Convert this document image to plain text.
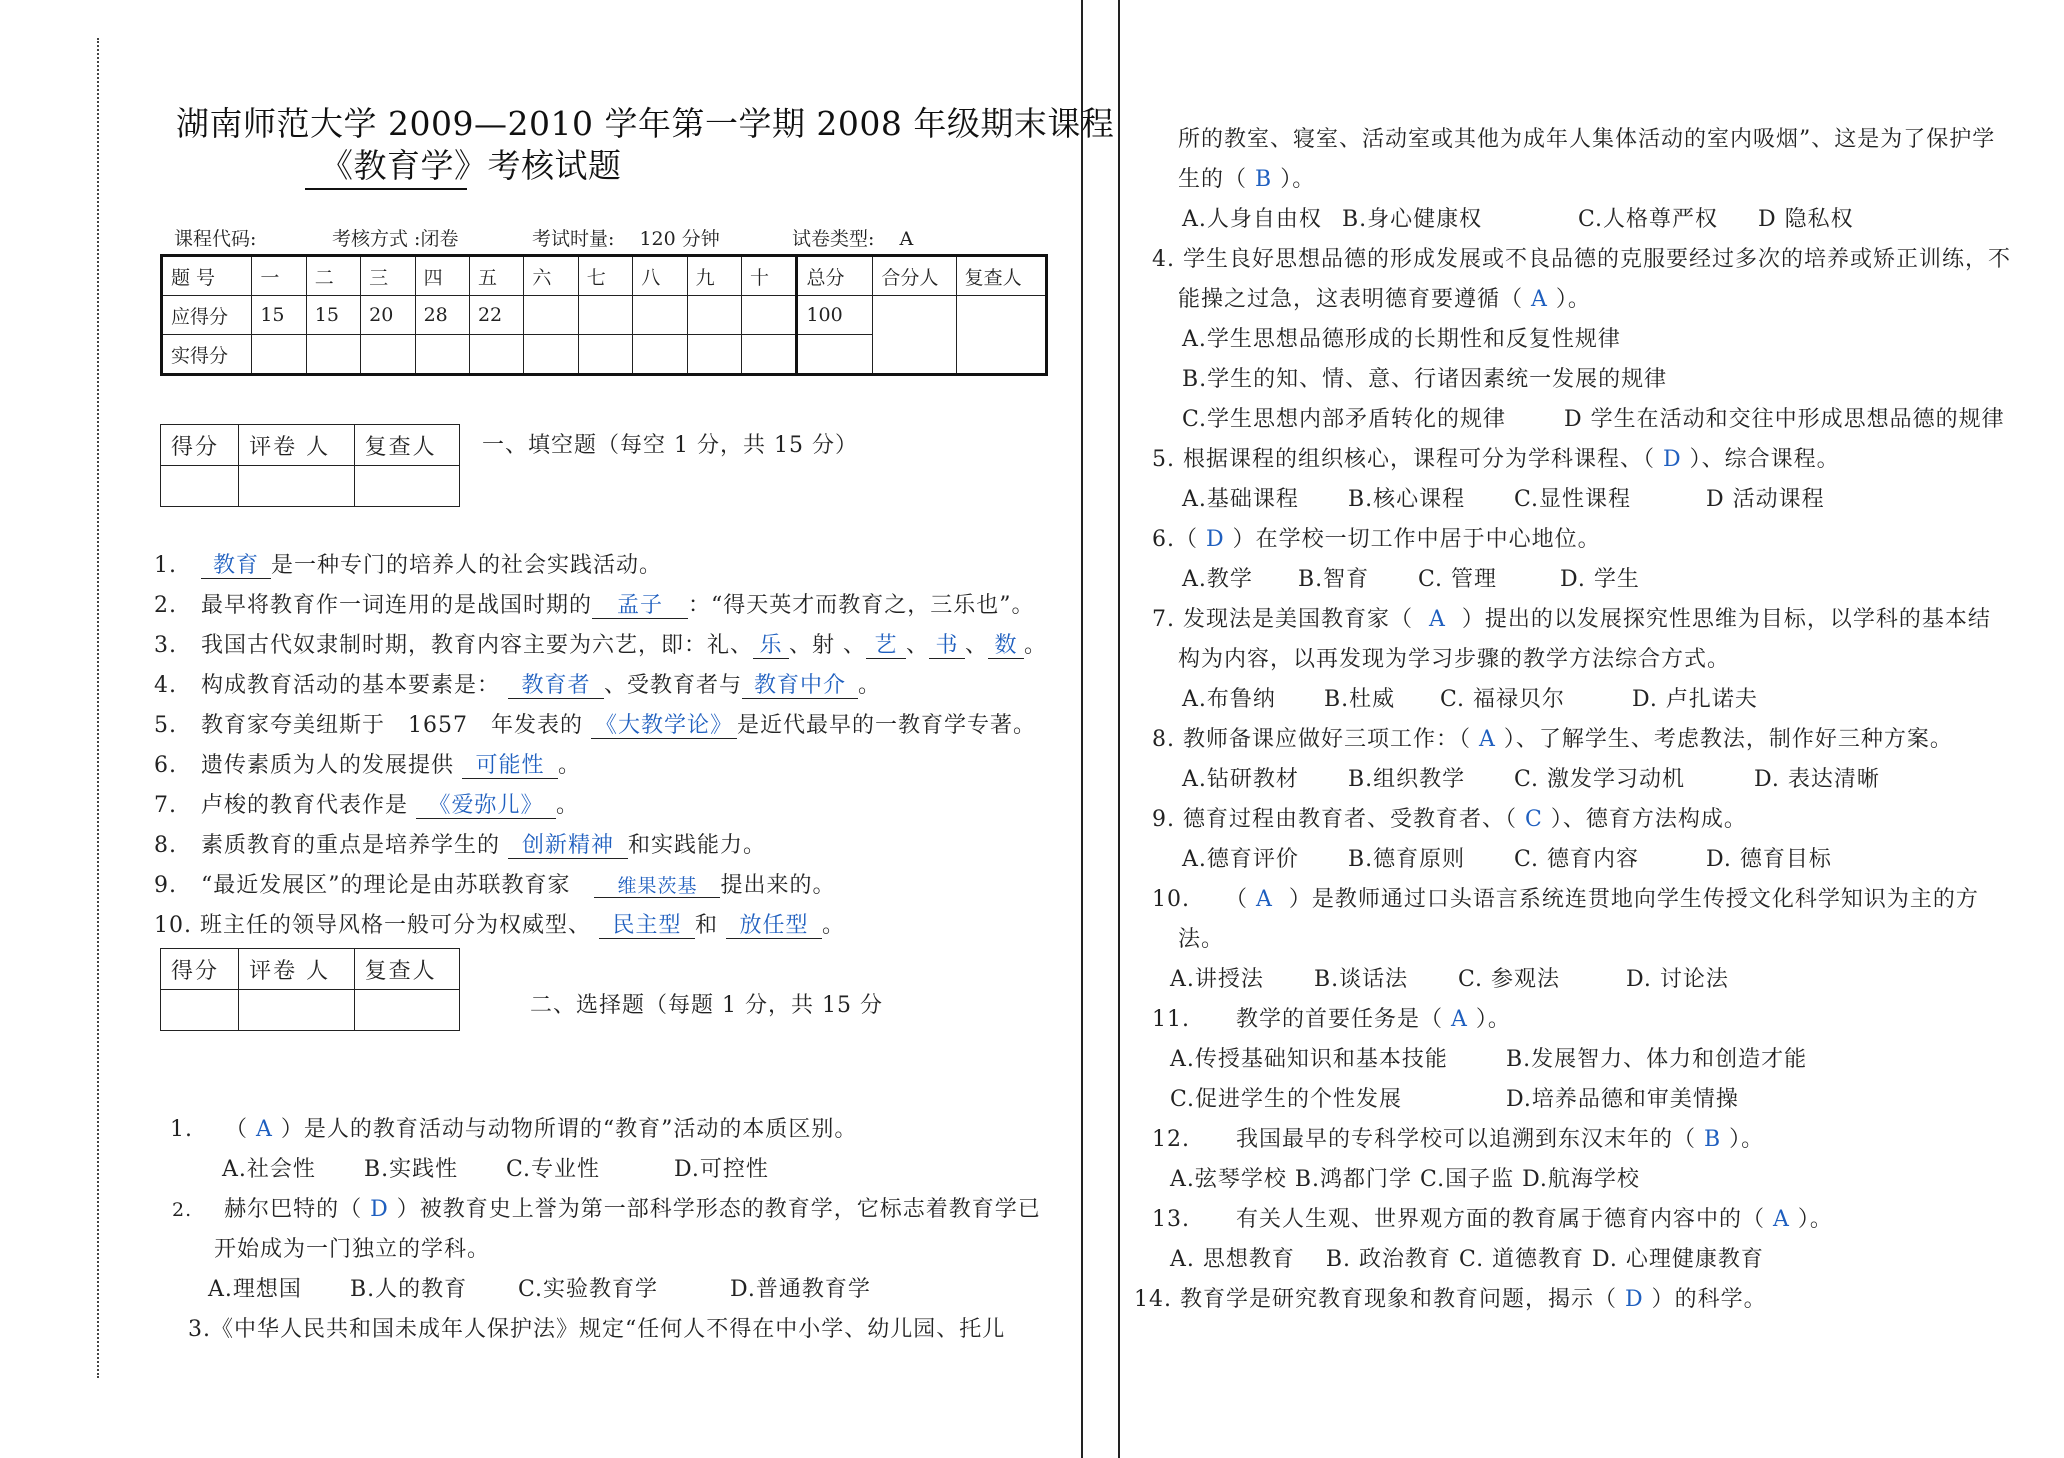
湖南师范大学 2009—2010 学年第一学期 2008 年级期末课程
《教育学》考核试题
课程代码:	考核方式 :闭卷	考试时量:　 120 分钟	试卷类型:　 A
题 号	一	二	三	四	五	六	七	八	九	十	总分	合分人	复查人
应得分	15	15	20	28	22						100		
实得分													
得分	评卷 人	复查人
		一、填空题（每空 1 分，共 15 分）
1. 教育 是一种专门的培养人的社会实践活动。
2. 最早将教育作一词连用的是战国时期的 孟子 ：“得天英才而教育之，三乐也”。
3. 我国古代奴隶制时期，教育内容主要为六艺，即：礼、 乐 、射 、 艺 、 书 、 数 。
4. 构成教育活动的基本要素是： 教育者 、受教育者与 教育中介 。
5. 教育家夸美纽斯于　1657　年发表的 《大教学论》 是近代最早的一教育学专著。
6. 遗传素质为人的发展提供 可能性 。
7. 卢梭的教育代表作是 《爱弥儿》 。
8. 素质教育的重点是培养学生的 创新精神 和实践能力。
9. “最近发展区”的理论是由苏联教育家 维果茨基 提出来的。
10. 班主任的领导风格一般可分为权威型、 民主型 和 放任型 。
得分	评卷 人	复查人

二、选择题（每题 1 分，共 15 分
1. （ A ）是人的教育活动与动物所谓的“教育”活动的本质区别。
A.社会性 B.实践性 C.专业性	D.可控性
2. 赫尔巴特的（ D ）被教育史上誉为第一部科学形态的教育学，它标志着教育学已
开始成为一门独立的学科。
A.理想国 B.人的教育 C.实验教育学	D.普通教育学
3.《中华人民共和国未成年人保护法》规定“任何人不得在中小学、幼儿园、托儿
所的教室、寝室、活动室或其他为成年人集体活动的室内吸烟”、这是为了保护学
生的（ B ）。
A.人身自由权 B.身心健康权	C.人格尊严权 D 隐私权
4. 学生良好思想品德的形成发展或不良品德的克服要经过多次的培养或矫正训练，不
能操之过急，这表明德育要遵循（ A ）。
A.学生思想品德形成的长期性和反复性规律
B.学生的知、情、意、行诸因素统一发展的规律
C.学生思想内部矛盾转化的规律	D 学生在活动和交往中形成思想品德的规律
5. 根据课程的组织核心，课程可分为学科课程、（ D ）、综合课程。
A.基础课程 B.核心课程 C.显性课程	D 活动课程
6.（ D ）在学校一切工作中居于中心地位。
A.教学 B.智育 C. 管理	D. 学生
7. 发现法是美国教育家（ A ）提出的以发展探究性思维为目标，以学科的基本结
构为内容，以再发现为学习步骤的教学方法综合方式。
A.布鲁纳 B.杜威 C. 福禄贝尔	D. 卢扎诺夫
8. 教师备课应做好三项工作：（ A ）、了解学生、考虑教法，制作好三种方案。
A.钻研教材 B.组织教学 C. 激发学习动机	D. 表达清晰
9. 德育过程由教育者、受教育者、（ C ）、德育方法构成。
A.德育评价 B.德育原则 C. 德育内容	D. 德育目标
10.　　（ A ）是教师通过口头语言系统连贯地向学生传授文化科学知识为主的方
法。
A.讲授法 B.谈话法 C. 参观法	D. 讨论法
11.　　教学的首要任务是（ A ）。
A.传授基础知识和基本技能	B.发展智力、体力和创造才能
C.促进学生的个性发展	D.培养品德和审美情操
12.　　我国最早的专科学校可以追溯到东汉末年的（ B ）。
A.弦琴学校 B.鸿都门学 C.国子监 D.航海学校
13.　　有关人生观、世界观方面的教育属于德育内容中的（ A ）。
A. 思想教育　 B. 政治教育 C. 道德教育 D. 心理健康教育
14. 教育学是研究教育现象和教育问题，揭示（ D ）的科学。
